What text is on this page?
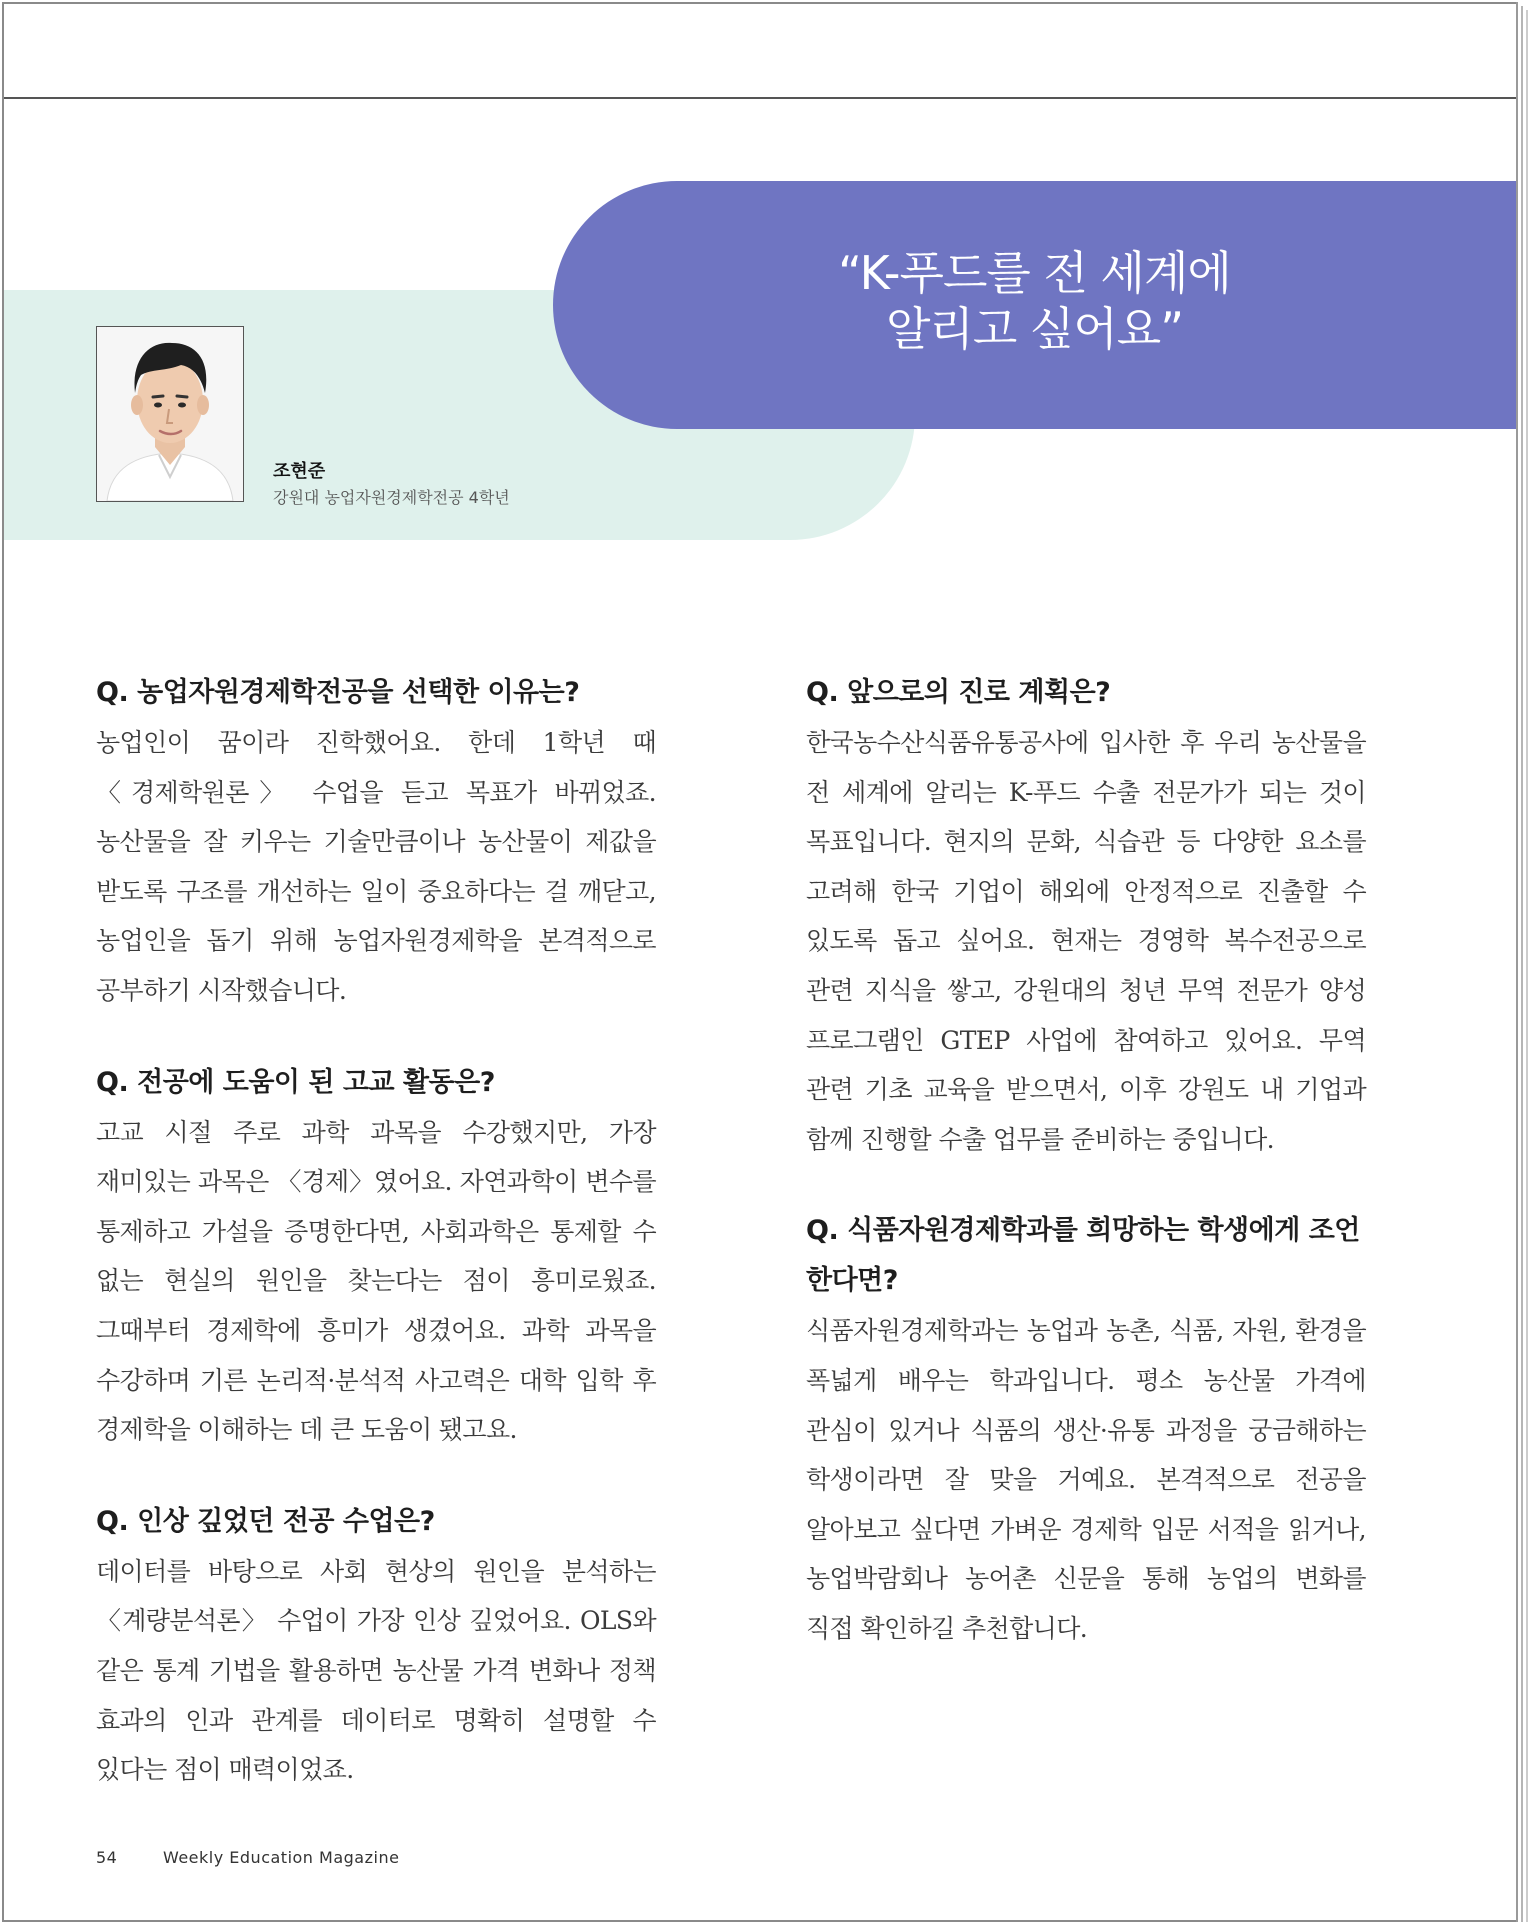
“K-푸드를 전 세계에
알리고 싶어요”
조현준
강원대 농업자원경제학전공 4학년

Q. 농업자원경제학전공을 선택한 이유는?

농업인이 꿈이라 진학했어요. 한데 1학년 때 〈경제학원론〉 수업을 듣고 목표가 바뀌었죠. 농산물을 잘 키우는 기술만큼이나 농산물이 제값을 받도록 구조를 개선하는 일이 중요하다는 걸 깨닫고, 농업인을 돕기 위해 농업자원경제학을 본격적으로 공부하기 시작했습니다.

Q. 전공에 도움이 된 고교 활동은?

고교 시절 주로 과학 과목을 수강했지만, 가장 재미있는 과목은 〈경제〉였어요. 자연과학이 변수를 통제하고 가설을 증명한다면, 사회과학은 통제할 수 없는 현실의 원인을 찾는다는 점이 흥미로웠죠. 그때부터 경제학에 흥미가 생겼어요. 과학 과목을 수강하며 기른 논리적·분석적 사고력은 대학 입학 후 경제학을 이해하는 데 큰 도움이 됐고요.

Q. 인상 깊었던 전공 수업은?

데이터를 바탕으로 사회 현상의 원인을 분석하는 〈계량분석론〉 수업이 가장 인상 깊었어요. OLS와 같은 통계 기법을 활용하면 농산물 가격 변화나 정책 효과의 인과 관계를 데이터로 명확히 설명할 수 있다는 점이 매력이었죠.

Q. 앞으로의 진로 계획은?

한국농수산식품유통공사에 입사한 후 우리 농산물을 전 세계에 알리는 K-푸드 수출 전문가가 되는 것이 목표입니다. 현지의 문화, 식습관 등 다양한 요소를 고려해 한국 기업이 해외에 안정적으로 진출할 수 있도록 돕고 싶어요. 현재는 경영학 복수전공으로 관련 지식을 쌓고, 강원대의 청년 무역 전문가 양성 프로그램인 GTEP 사업에 참여하고 있어요. 무역 관련 기초 교육을 받으면서, 이후 강원도 내 기업과 함께 진행할 수출 업무를 준비하는 중입니다.

Q. 식품자원경제학과를 희망하는 학생에게 조언한다면?

식품자원경제학과는 농업과 농촌, 식품, 자원, 환경을 폭넓게 배우는 학과입니다. 평소 농산물 가격에 관심이 있거나 식품의 생산·유통 과정을 궁금해하는 학생이라면 잘 맞을 거예요. 본격적으로 전공을 알아보고 싶다면 가벼운 경제학 입문 서적을 읽거나, 농업박람회나 농어촌 신문을 통해 농업의 변화를 직접 확인하길 추천합니다.

54	Weekly Education Magazine
